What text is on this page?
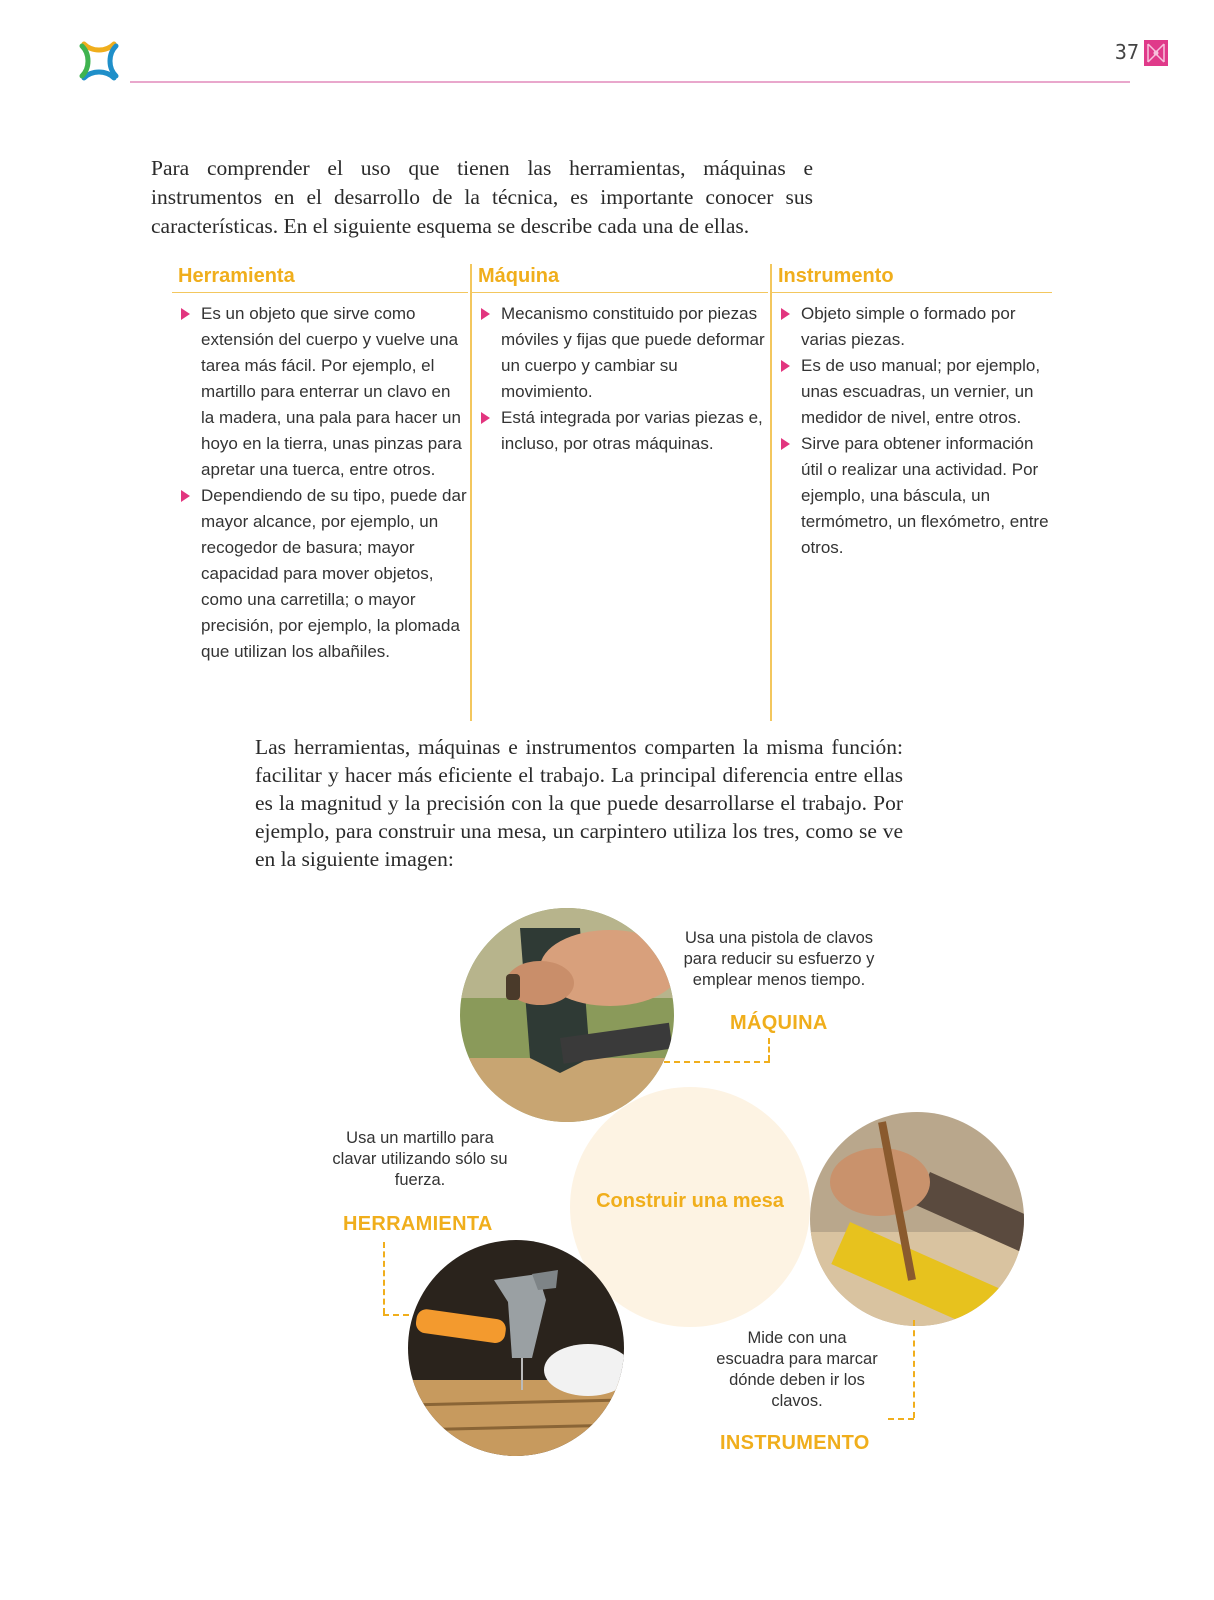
37

Para comprender el uso que tienen las herramientas, máquinas e instrumentos en el desarrollo de la técnica, es importante conocer sus características. En el siguiente esquema se describe cada una de ellas.

Herramienta
Es un objeto que sirve como extensión del cuerpo y vuelve una tarea más fácil. Por ejemplo, el martillo para enterrar un clavo en la madera, una pala para hacer un hoyo en la tierra, unas pinzas para apretar una tuerca, entre otros.
Dependiendo de su tipo, puede dar mayor alcance, por ejemplo, un recogedor de basura; mayor capacidad para mover objetos, como una carretilla; o mayor precisión, por ejemplo, la plomada que utilizan los albañiles.
Máquina
Mecanismo constituido por piezas móviles y fijas que puede deformar un cuerpo y cambiar su movimiento.
Está integrada por varias piezas e, incluso, por otras máquinas.
Instrumento
Objeto simple o formado por varias piezas.
Es de uso manual; por ejemplo, unas escuadras, un vernier, un medidor de nivel, entre otros.
Sirve para obtener información útil o realizar una actividad. Por ejemplo, una báscula, un termómetro, un flexómetro, entre otros.

Las herramientas, máquinas e instrumentos comparten la misma función: facilitar y hacer más eficiente el trabajo. La principal diferencia entre ellas es la magnitud y la precisión con la que puede desarrollarse el trabajo. Por ejemplo, para construir una mesa, un carpintero utiliza los tres, como se ve en la siguiente imagen:

Construir una mesa
Usa una pistola de clavos para reducir su esfuerzo y emplear menos tiempo.
MÁQUINA
Usa un martillo para clavar utilizando sólo su fuerza.
HERRAMIENTA
Mide con una escuadra para marcar dónde deben ir los clavos.
INSTRUMENTO
